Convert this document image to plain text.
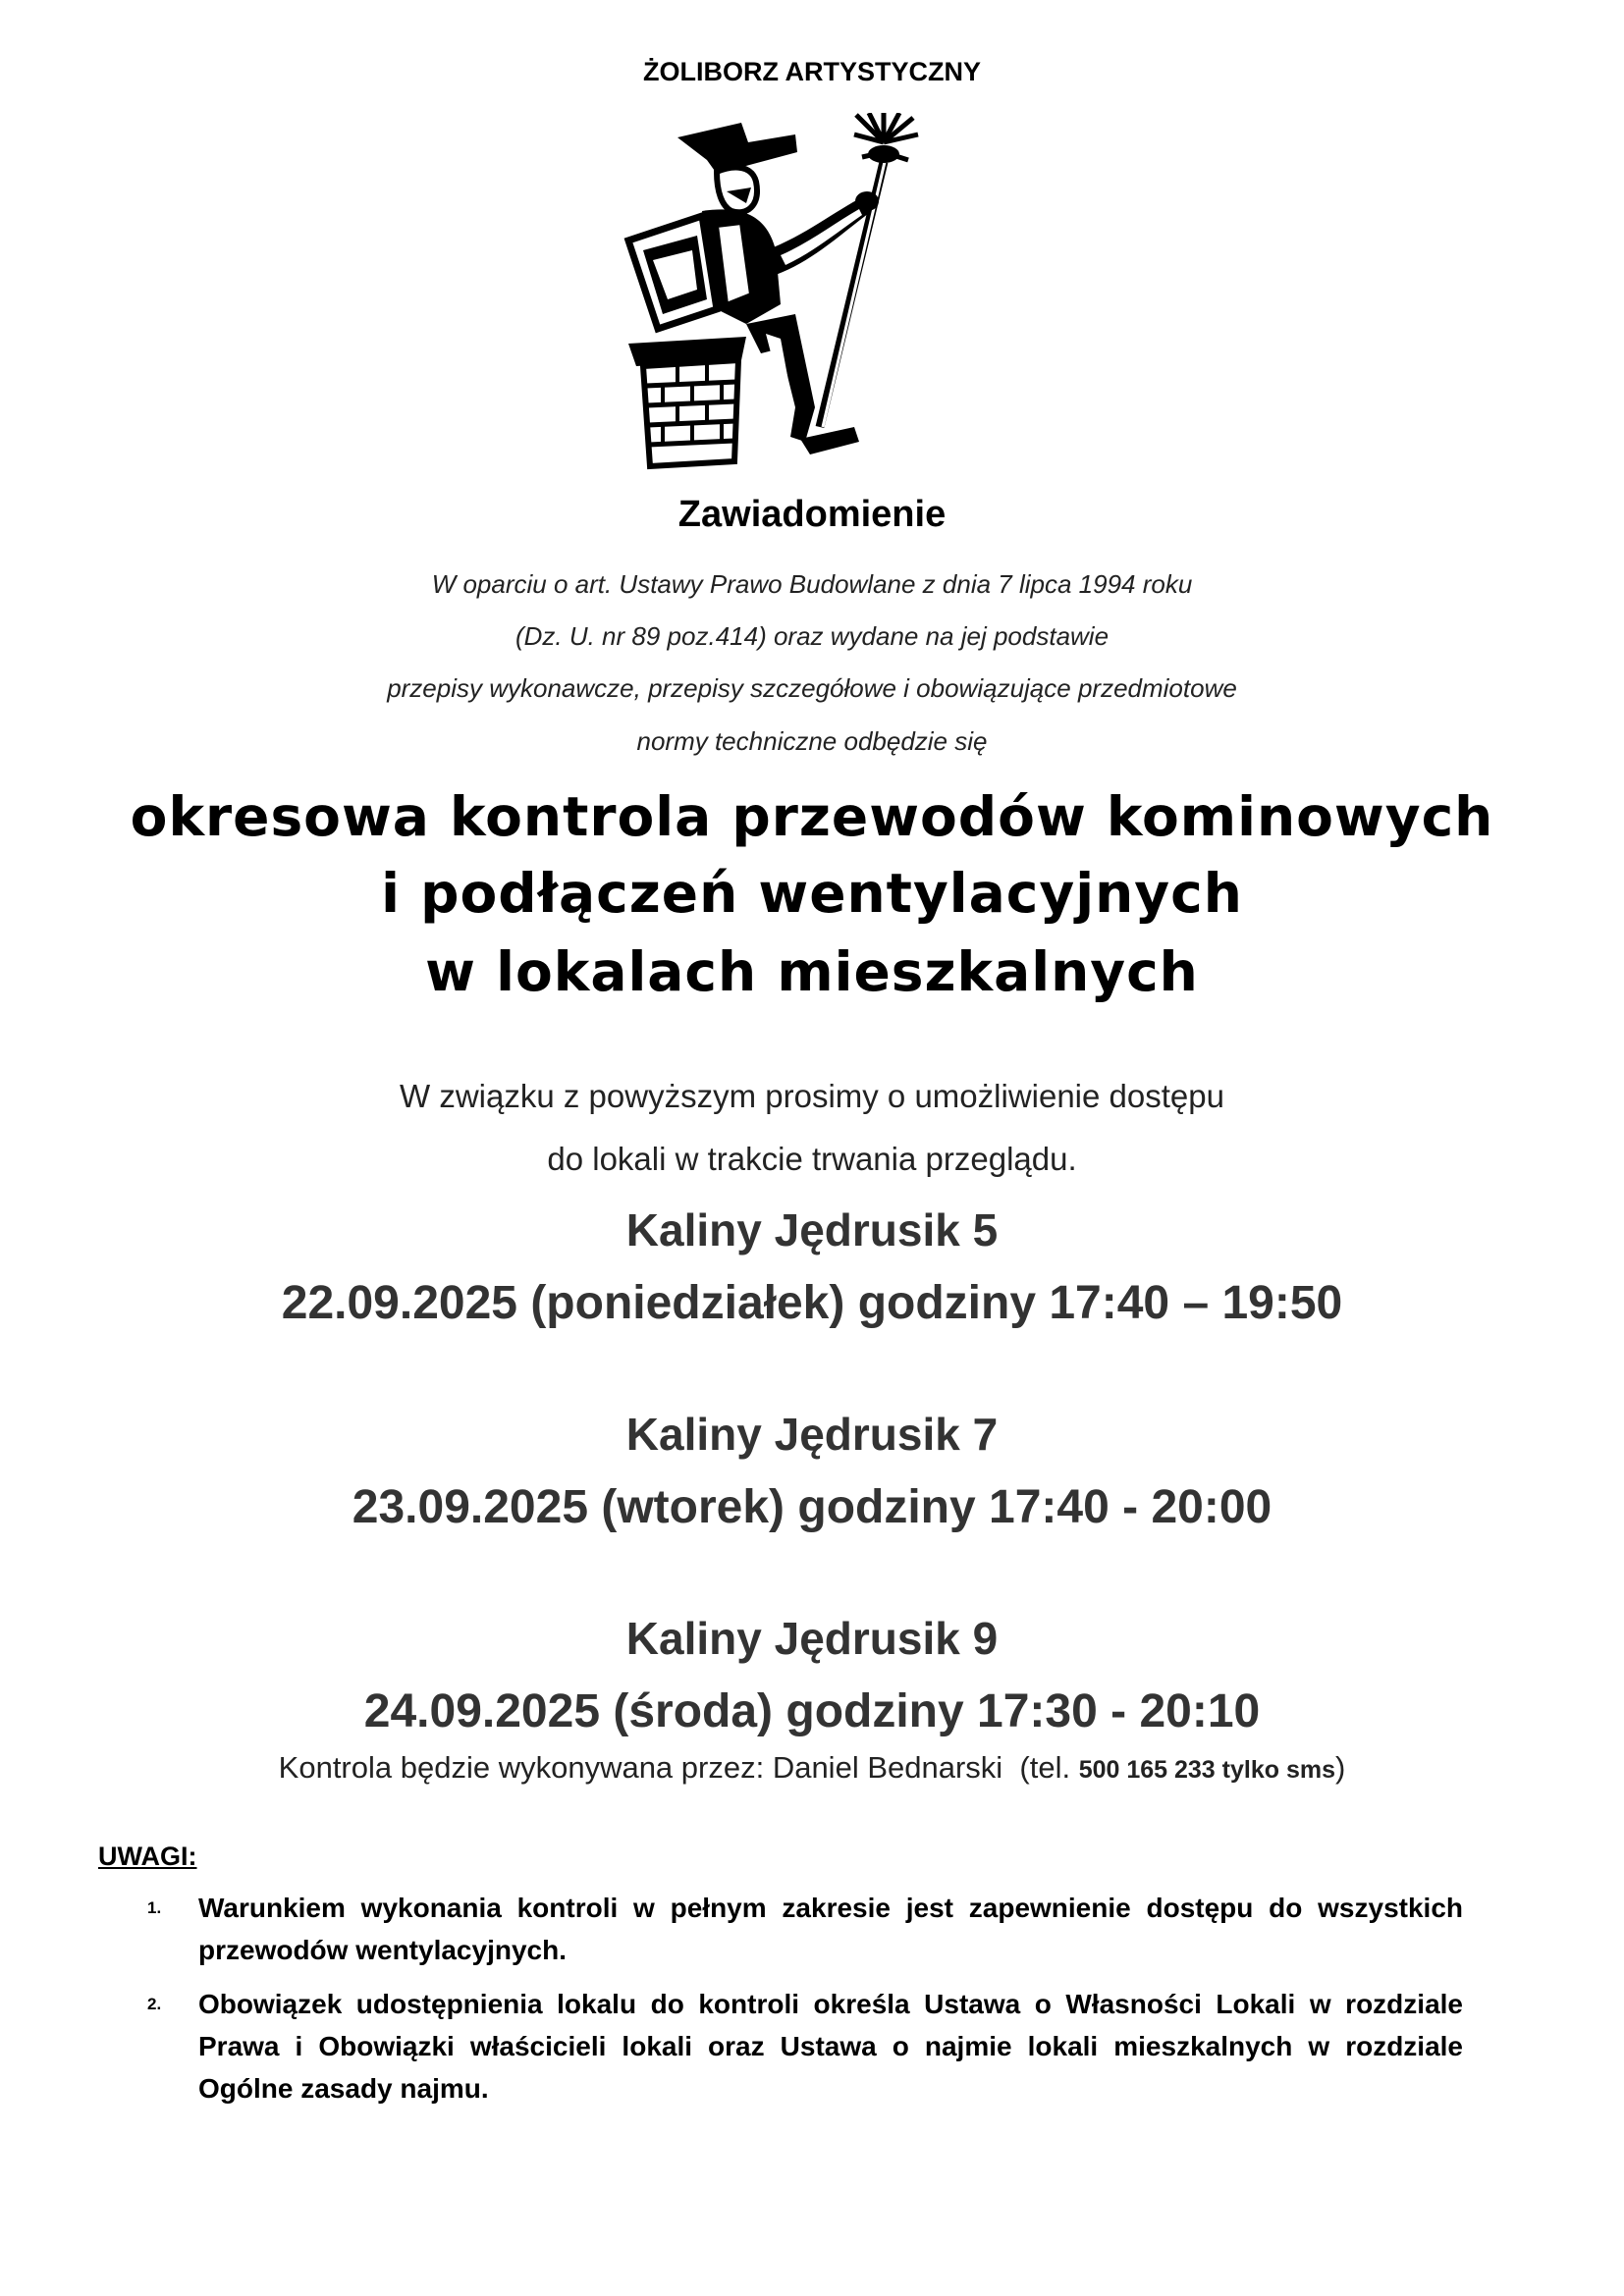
ŻOLIBORZ ARTYSTYCZNY
Zawiadomienie
W oparciu o art. Ustawy Prawo Budowlane z dnia 7 lipca 1994 roku
(Dz. U. nr 89 poz.414) oraz wydane na jej podstawie
przepisy wykonawcze, przepisy szczegółowe i obowiązujące przedmiotowe
normy techniczne odbędzie się
okresowa kontrola przewodów kominowych
i podłączeń wentylacyjnych
w lokalach mieszkalnych
W związku z powyższym prosimy o umożliwienie dostępu
do lokali w trakcie trwania przeglądu.
Kaliny Jędrusik 5
22.09.2025 (poniedziałek) godziny 17:40 – 19:50
Kaliny Jędrusik 7
23.09.2025 (wtorek) godziny 17:40 - 20:00
Kaliny Jędrusik 9
24.09.2025 (środa) godziny 17:30 - 20:10
Kontrola będzie wykonywana przez: Daniel Bednarski  (tel. 500 165 233 tylko sms)
UWAGI:
1. Warunkiem wykonania kontroli w pełnym zakresie jest zapewnienie dostępu do wszystkich przewodów wentylacyjnych.
2. Obowiązek udostępnienia lokalu do kontroli określa Ustawa o Własności Lokali w rozdziale Prawa i Obowiązki właścicieli lokali oraz Ustawa o najmie lokali mieszkalnych w rozdziale Ogólne zasady najmu.
